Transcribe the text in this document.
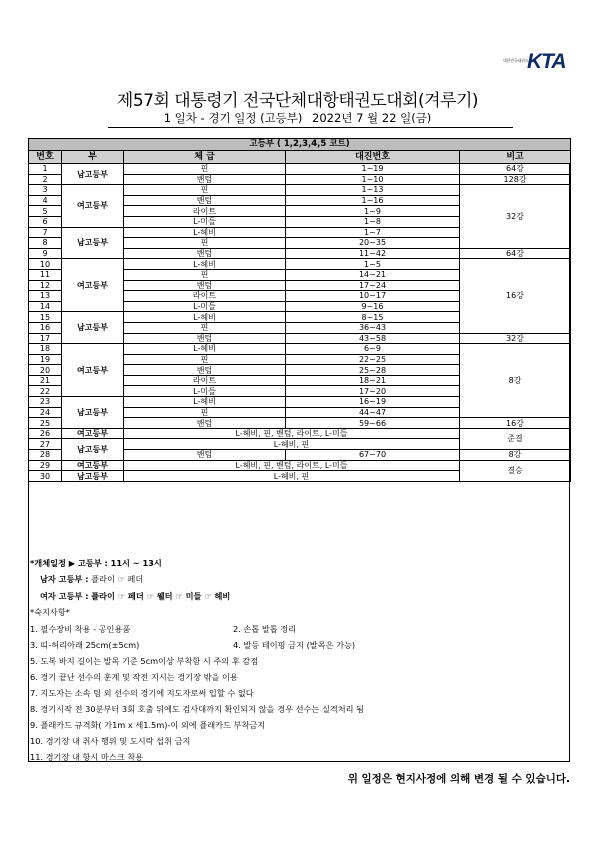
대한민국태권도협회
KTA
제57회 대통령기 전국단체대항태권도대회(겨루기)
1 일차 - 경기 일정 (고등부) 2022년 7 월 22 일(금)
고등부 ( 1,2,3,4,5 코트)				
번호	부	체 급	대진번호	비고
1	남고등부	핀	1~19	64강
2		밴텀	1~10	128강
3	여고등부	핀	1~13	32강
4		밴텀	1~16	
5		라이트	1~9	
6		L-미들	1~8	
7	남고등부	L-헤비	1~7	
8		핀	20~35	
9		밴텀	11~42	64강
10	여고등부	L-헤비	1~5	16강
11		핀	14~21	
12		밴텀	17~24	
13		라이트	10~17	
14		L-미들	9~16	
15	남고등부	L-헤비	8~15	
16		핀	36~43	
17		밴텀	43~58	32강
18	여고등부	L-헤비	6~9	8강
19		핀	22~25	
20		밴텀	25~28	
21		라이트	18~21	
22		L-미들	17~20	
23	남고등부	L-헤비	16~19	
24		핀	44~47	
25		밴텀	59~66	16강
26	여고등부	L-헤비, 핀, 밴텀, 라이트, L-미들		준결
27	남고등부	L-헤비, 핀		
28		밴텀	67~70	8강
29	여고등부	L-헤비, 핀, 밴텀, 라이트, L-미들		결승
30	남고등부	L-헤비, 핀		
*개체일정 ▶ 고등부 : 11시 ~ 13시
남자 고등부 : 플라이 ☞ 페더
여자 고등부 : 플라이 ☞ 페더 ☞ 웰터 ☞ 미들 ☞ 헤비
*숙지사항*
1. 필수장비 착용 - 공인용품	2. 손톱 발톱 정리
3. 띠-허리아래 25cm(±5cm)	4. 발등 테이핑 금지 (발목은 가능)
5. 도복 바지 길이는 발목 기준 5cm이상 부착함 시 주의 후 감점
6. 경기 끝난 선수의 훈계 및 작전 지시는 경기장 밖을 이용
7. 지도자는 소속 팀 외 선수의 경기에 지도자로써 입할 수 없다
8. 경기시작 전 30분부터 3회 호출 뒤에도 검사대까지 확인되지 않을 경우 선수는 실격처리 됨
9. 플래카드 규격화( 가1m x 세1.5m)-이 외에 플래카드 부착금지
10. 경기장 내 취사 행위 및 도시락 섭취 금지
11. 경기장 내 항시 마스크 착용
위 일정은 현지사정에 의해 변경 될 수 있습니다.
